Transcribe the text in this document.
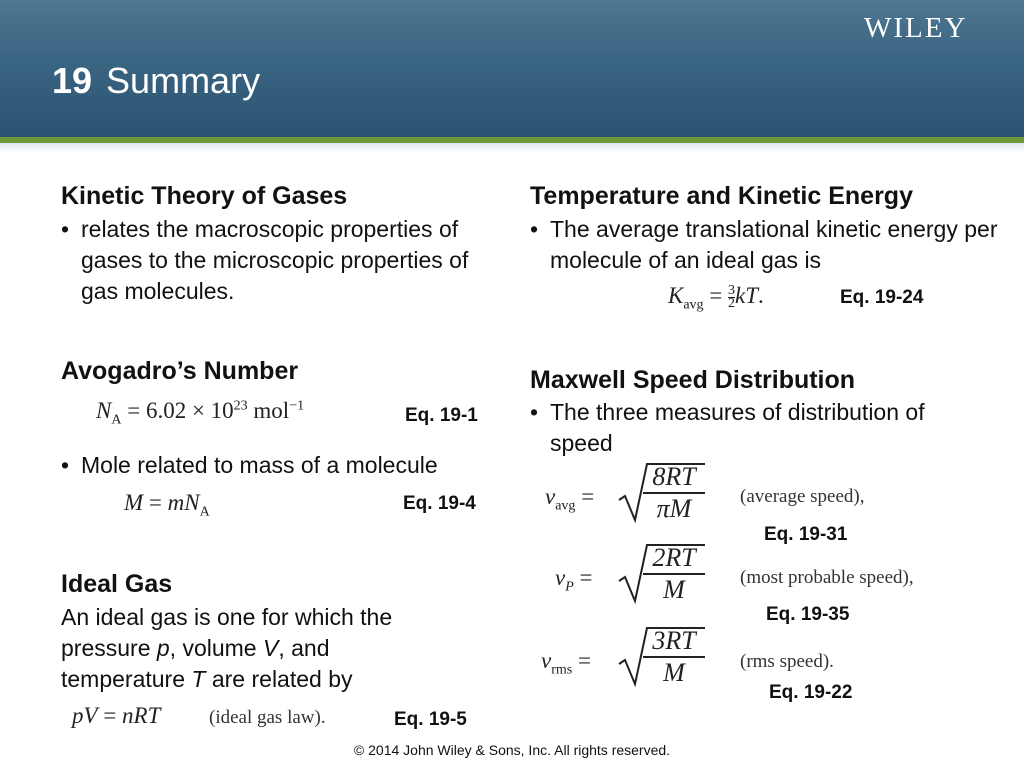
19 Summary
WILEY
Kinetic Theory of Gases
• relates the macroscopic properties of gases to the microscopic properties of gas molecules.
Avogadro’s Number
$N_A = 6.02 \times 10^{23}$ mol$^{-1}$	Eq. 19-1
• Mole related to mass of a molecule
$M = mN_A$	Eq. 19-4
Ideal Gas
An ideal gas is one for which the pressure p, volume V, and temperature T are related by
pV = nRT	(ideal gas law).	Eq. 19-5
Temperature and Kinetic Energy
• The average translational kinetic energy per molecule of an ideal gas is
$K_{avg} = \frac{3}{2}$ kT.	Eq. 19-24
Maxwell Speed Distribution
• The three measures of distribution of speed
$v_{avg} = \frac{8RT}{\pi M}$ (average speed),
Eq. 19-31
$v_P = \frac{2RT}{M}$ (most probable speed),
Eq. 19-35
$v_{rms} = \frac{3RT}{M} (rms$ speed).
Eq. 19-22
© 2014 John Wiley & Sons, Inc. All rights reserved.
